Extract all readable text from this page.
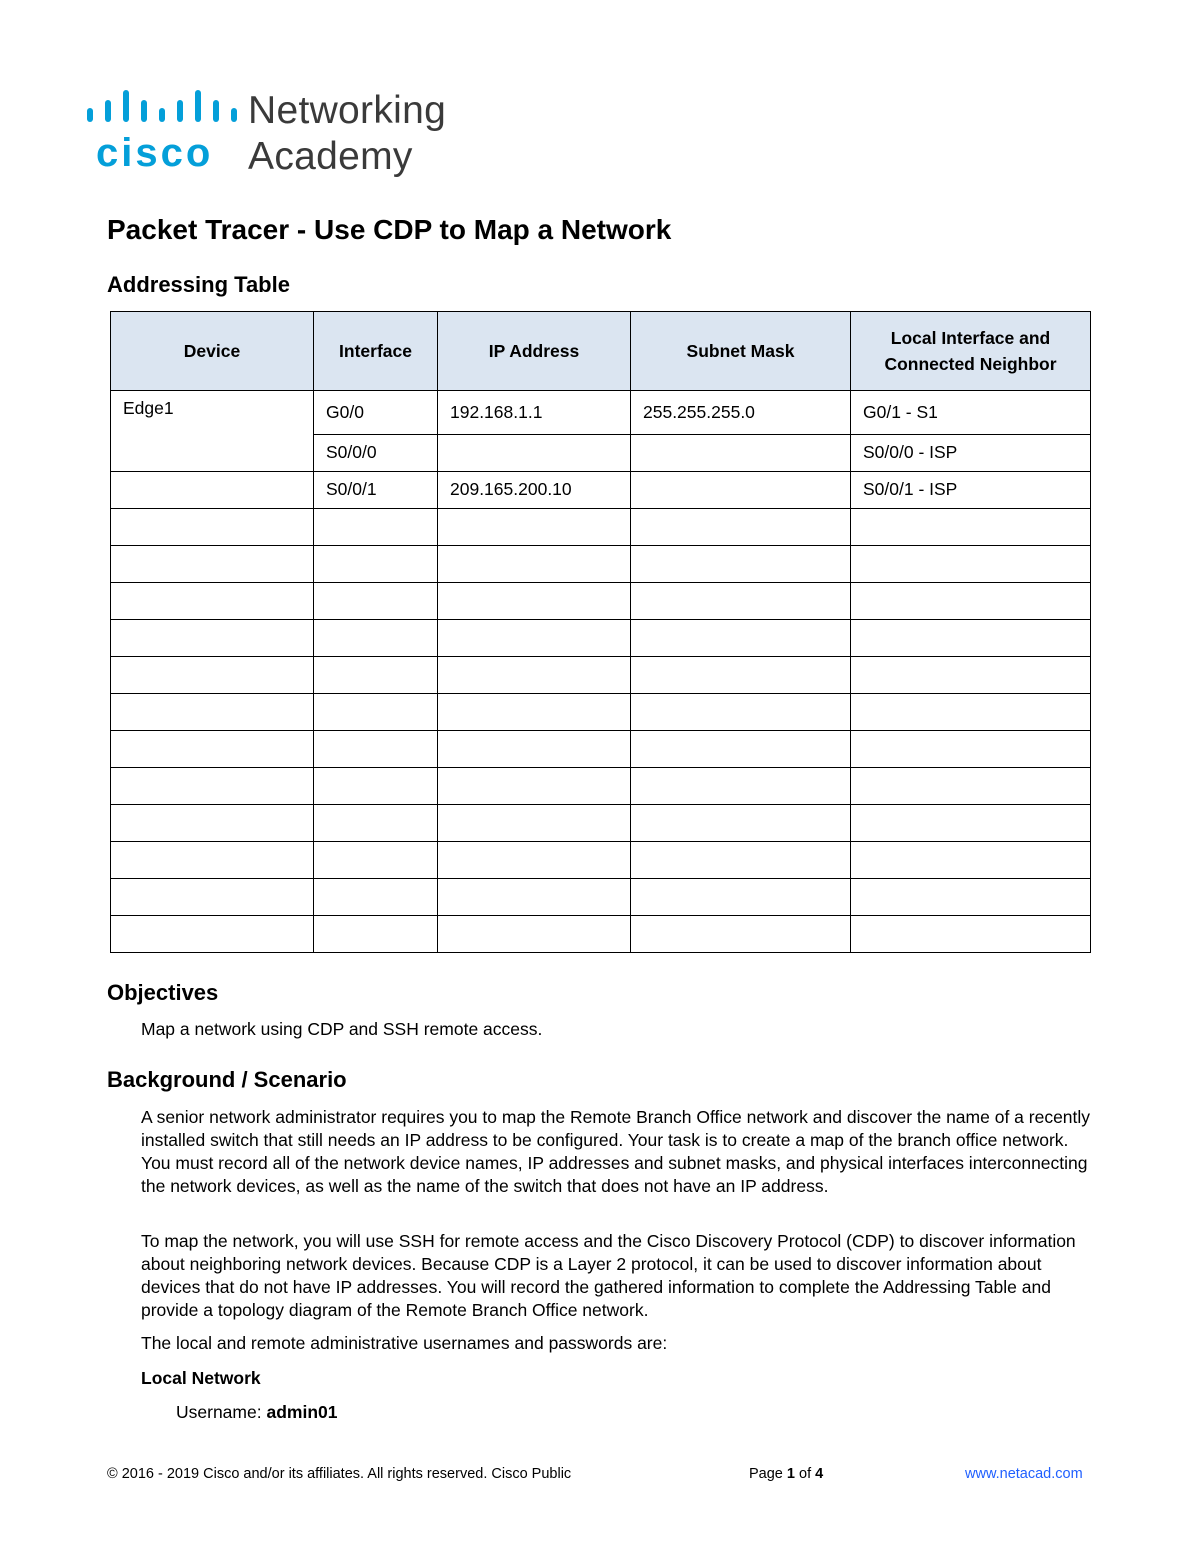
cisco
Networking
Academy
Packet Tracer - Use CDP to Map a Network
Addressing Table
Device	Interface	IP Address	Subnet Mask	Local Interface and Connected Neighbor
Edge1	G0/0	192.168.1.1	255.255.255.0	G0/1 - S1
	S0/0/0			S0/0/0 - ISP
	S0/0/1	209.165.200.10		S0/0/1 - ISP

Objectives
Map a network using CDP and SSH remote access.
Background / Scenario
A senior network administrator requires you to map the Remote Branch Office network and discover the name of a recently installed switch that still needs an IP address to be configured. Your task is to create a map of the branch office network. You must record all of the network device names, IP addresses and subnet masks, and physical interfaces interconnecting the network devices, as well as the name of the switch that does not have an IP address.
To map the network, you will use SSH for remote access and the Cisco Discovery Protocol (CDP) to discover information about neighboring network devices. Because CDP is a Layer 2 protocol, it can be used to discover information about devices that do not have IP addresses. You will record the gathered information to complete the Addressing Table and provide a topology diagram of the Remote Branch Office network.
The local and remote administrative usernames and passwords are:
Local Network
Username: admin01
© 2016 - 2019 Cisco and/or its affiliates. All rights reserved. Cisco Public	Page 1 of 4	www.netacad.com
